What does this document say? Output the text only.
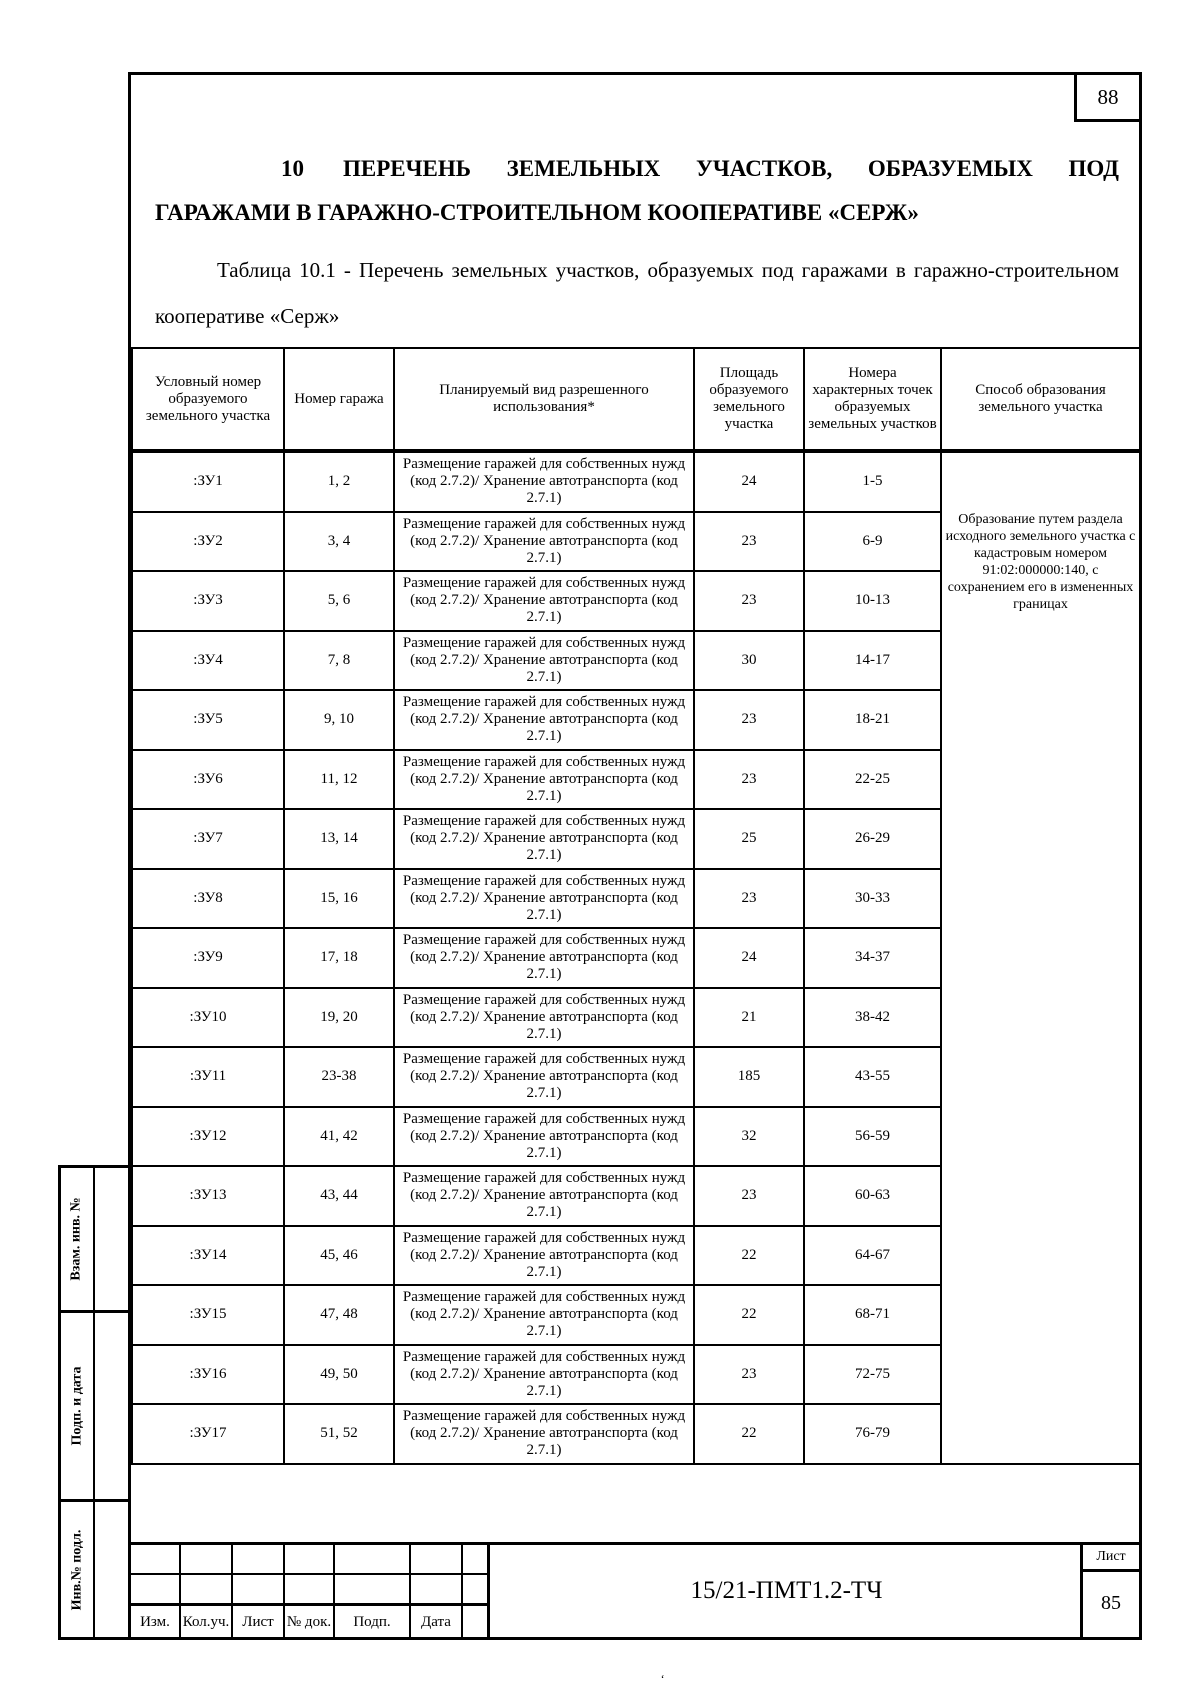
88
10 ПЕРЕЧЕНЬ ЗЕМЕЛЬНЫХ УЧАСТКОВ, ОБРАЗУЕМЫХ ПОД ГАРАЖАМИ В ГАРАЖНО-СТРОИТЕЛЬНОМ КООПЕРАТИВЕ «СЕРЖ»
Таблица 10.1 - Перечень земельных участков, образуемых под гаражами в гаражно-строительном кооперативе «Серж»
Условный номер образуемого земельного участка	Номер гаража	Планируемый вид разрешенного использования*	Площадь образуемого земельного участка	Номера характерных точек образуемых земельных участков	Способ образования земельного участка
:ЗУ1	1, 2	Размещение гаражей для собственных нужд (код 2.7.2)/ Хранение автотранспорта (код 2.7.1)	24	1-5	Образование путем раздела исходного земельного участка с кадастровым номером 91:02:000000:140, с сохранением его в измененных границах
:ЗУ2	3, 4	Размещение гаражей для собственных нужд (код 2.7.2)/ Хранение автотранспорта (код 2.7.1)	23	6-9	
:ЗУ3	5, 6	Размещение гаражей для собственных нужд (код 2.7.2)/ Хранение автотранспорта (код 2.7.1)	23	10-13	
:ЗУ4	7, 8	Размещение гаражей для собственных нужд (код 2.7.2)/ Хранение автотранспорта (код 2.7.1)	30	14-17	
:ЗУ5	9, 10	Размещение гаражей для собственных нужд (код 2.7.2)/ Хранение автотранспорта (код 2.7.1)	23	18-21	
:ЗУ6	11, 12	Размещение гаражей для собственных нужд (код 2.7.2)/ Хранение автотранспорта (код 2.7.1)	23	22-25	
:ЗУ7	13, 14	Размещение гаражей для собственных нужд (код 2.7.2)/ Хранение автотранспорта (код 2.7.1)	25	26-29	
:ЗУ8	15, 16	Размещение гаражей для собственных нужд (код 2.7.2)/ Хранение автотранспорта (код 2.7.1)	23	30-33	
:ЗУ9	17, 18	Размещение гаражей для собственных нужд (код 2.7.2)/ Хранение автотранспорта (код 2.7.1)	24	34-37	
:ЗУ10	19, 20	Размещение гаражей для собственных нужд (код 2.7.2)/ Хранение автотранспорта (код 2.7.1)	21	38-42	
:ЗУ11	23-38	Размещение гаражей для собственных нужд (код 2.7.2)/ Хранение автотранспорта (код 2.7.1)	185	43-55	
:ЗУ12	41, 42	Размещение гаражей для собственных нужд (код 2.7.2)/ Хранение автотранспорта (код 2.7.1)	32	56-59	
:ЗУ13	43, 44	Размещение гаражей для собственных нужд (код 2.7.2)/ Хранение автотранспорта (код 2.7.1)	23	60-63	
:ЗУ14	45, 46	Размещение гаражей для собственных нужд (код 2.7.2)/ Хранение автотранспорта (код 2.7.1)	22	64-67	
:ЗУ15	47, 48	Размещение гаражей для собственных нужд (код 2.7.2)/ Хранение автотранспорта (код 2.7.1)	22	68-71	
:ЗУ16	49, 50	Размещение гаражей для собственных нужд (код 2.7.2)/ Хранение автотранспорта (код 2.7.1)	23	72-75	
:ЗУ17	51, 52	Размещение гаражей для собственных нужд (код 2.7.2)/ Хранение автотранспорта (код 2.7.1)	22	76-79	
Изм. Кол.уч. Лист № док.	Подп.	Дата
15/21-ПМТ1.2-ТЧ
Лист
85
Взам. инв. №
Подп. и дата
Инв.№ подл.
ʻ
